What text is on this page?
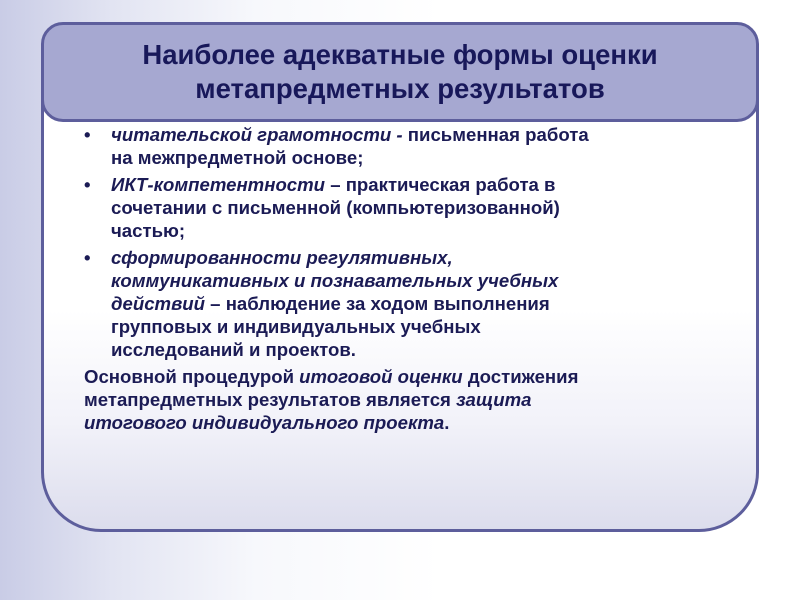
Наиболее адекватные формы оценки
метапредметных результатов
• читательской грамотности - письменная работа
на межпредметной основе;
• ИКТ-компетентности – практическая работа в
сочетании с письменной (компьютеризованной)
частью;
• сформированности регулятивных,
коммуникативных и познавательных учебных
действий – наблюдение за ходом выполнения
групповых и индивидуальных учебных
исследований и проектов.
Основной процедурой итоговой оценки достижения
метапредметных результатов является защита
итогового индивидуального проекта.
